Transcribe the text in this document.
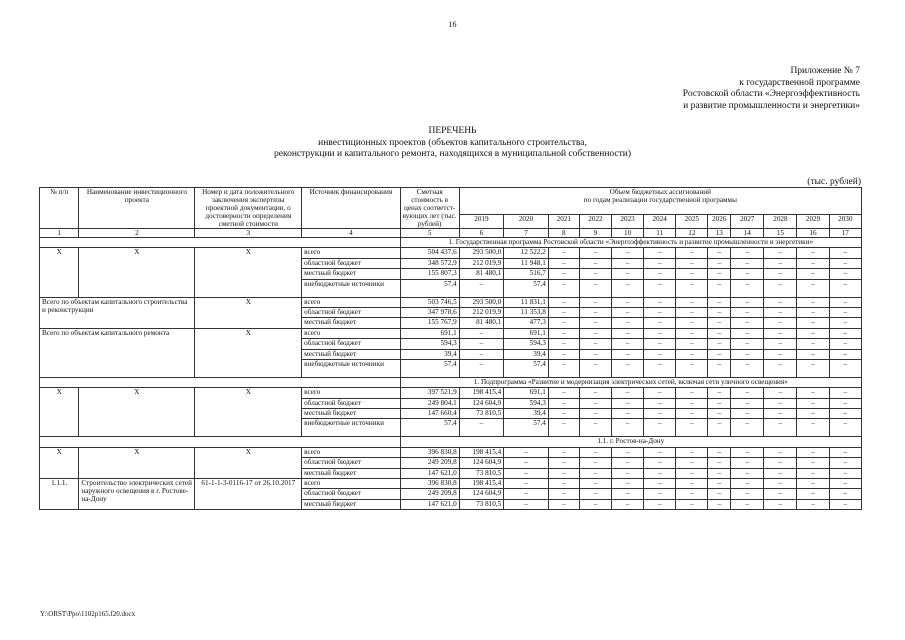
16
Приложение № 7
к государственной программе
Ростовской области «Энергоэффективность
и развитие промышленности и энергетики»
ПЕРЕЧЕНЬ
инвестиционных проектов (объектов капитального строительства,
реконструкции и капитального ремонта, находящихся в муниципальной собственности)
(тыс. рублей)
№ п/п	Наименование инвестиционного проекта	Номер и дата положительного заключения экспертизы проектной документации, о достоверности определения сметной стоимости	Источник финансирования	Сметная стоимость в ценах соответст-вующих лет (тыс. рублей)	Объем бюджетных ассигнований
по годам реализации государственной программы											

					2019	2020	2021	2022	2023	2024	2025	2026	2027	2028	2029	2030
1	2	3	4	5	6	7	8	9	10	11	12	13	14	15	16	17
				1. Государственная программа Ростовской области «Энергоэффективность и развитие промышленности и энергетики»												
Х	Х	Х	всего	504 437,6	293 500,0	12 522,2	–	–	–	–	–	–	–	–	–	–
			областной бюджет	348 572,9	212 019,9	11 948,1	–	–	–	–	–	–	–	–	–	–
			местный бюджет	155 807,3	81 480,1	516,7	–	–	–	–	–	–	–	–	–	–
			внебюджетные источники	57,4	–	57,4	–	–	–	–	–	–	–	–	–	–
Всего по объектам капитального строительства и реконструкции		Х	всего	503 746,5	293 500,0	11 831,1	–	–	–	–	–	–	–	–	–	–
			областной бюджет	347 978,6	212 019,9	11 353,8	–	–	–	–	–	–	–	–	–	–
			местный бюджет	155 767,9	81 480,1	477,3	–	–	–	–	–	–	–	–	–	–
Всего по объектам капитального ремонта		Х	всего	691,1	–	691,1	–	–	–	–	–	–	–	–	–	–
			областной бюджет	594,3	–	594,3	–	–	–	–	–	–	–	–	–	–
			местный бюджет	39,4	–	39,4	–	–	–	–	–	–	–	–	–	–
			внебюджетные источники	57,4	–	57,4	–	–	–	–	–	–	–	–	–	–
				1. Подпрограмма «Развитие и модернизация электрических сетей, включая сети уличного освещения»												
Х	Х	Х	всего	397 521,9	198 415,4	691,1	–	–	–	–	–	–	–	–	–	–
			областной бюджет	249 804,1	124 604,9	594,3	–	–	–	–	–	–	–	–	–	–
			местный бюджет	147 660,4	73 810,5	39,4	–	–	–	–	–	–	–	–	–	–
			внебюджетные источники	57,4	–	57,4	–	–	–	–	–	–	–	–	–	–
				1.1. г. Ростов-на-Дону												
Х	Х	Х	всего	396 830,8	198 415,4	–	–	–	–	–	–	–	–	–	–	–
			областной бюджет	249 209,8	124 604,9	–	–	–	–	–	–	–	–	–	–	–
			местный бюджет	147 621,0	73 810,5	–	–	–	–	–	–	–	–	–	–	–
1.1.1.	Строительство электрических сетей наружного освещения в г. Ростове-на-Дону	61-1-1-3-0116-17 от 26.10.2017	всего	396 830,8	198 415,4	–	–	–	–	–	–	–	–	–	–	–
			областной бюджет	249 209,8	124 604,9	–	–	–	–	–	–	–	–	–	–	–
			местный бюджет	147 621,0	73 810,5	–	–	–	–	–	–	–	–	–	–	–
Y:\ORST\Ppo\1102p165.f20.docx
